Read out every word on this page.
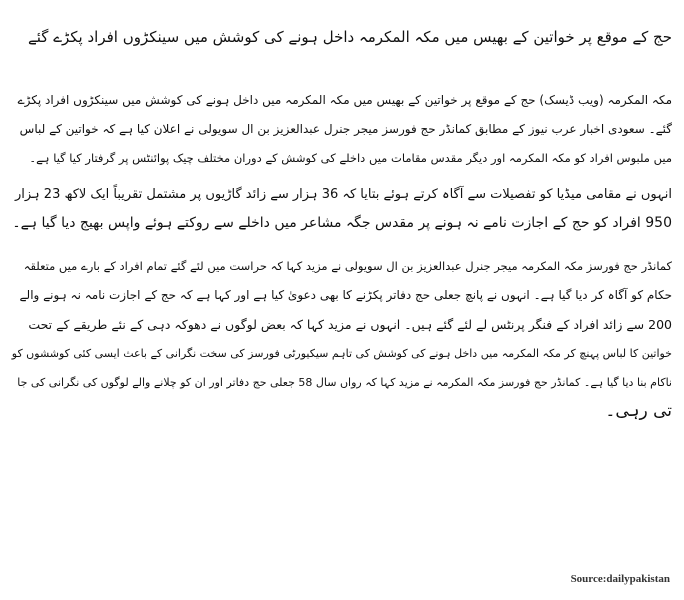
حج کے موقع پر خواتین کے بھیس میں مکہ المکرمہ داخل ہونے کی کوشش میں سینکڑوں افراد پکڑے گئے

مکہ المکرمہ (ویب ڈیسک) حج کے موقع پر خواتین کے بھیس میں مکہ المکرمہ میں داخل ہونے کی کوشش میں سینکڑوں افراد پکڑے
گئے۔ سعودی اخبار عرب نیوز کے مطابق کمانڈر حج فورسز میجر جنرل عبدالعزیز بن ال سویولی نے اعلان کیا ہے کہ خواتین کے لباس
میں ملبوس افراد کو مکہ المکرمہ اور دیگر مقدس مقامات میں داخلے کی کوشش کے دوران مختلف چیک پوائنٹس پر گرفتار کیا گیا ہے۔

انہوں نے مقامی میڈیا کو تفصیلات سے آگاہ کرتے ہوئے بتایا کہ 36 ہزار سے زائد گاڑیوں پر مشتمل تقریباً ایک لاکھ 23 ہزار
950 افراد کو حج کے اجازت نامے نہ ہونے پر مقدس جگہ مشاعر میں داخلے سے روکتے ہوئے واپس بھیج دیا گیا ہے۔

کمانڈر حج فورسز مکہ المکرمہ میجر جنرل عبدالعزیز بن ال سویولی نے مزید کہا کہ حراست میں لئے گئے تمام افراد کے بارے میں متعلقہ
حکام کو آگاہ کر دیا گیا ہے۔ انہوں نے پانچ جعلی حج دفاتر پکڑنے کا بھی دعویٰ کیا ہے اور کہا ہے کہ حج کے اجازت نامہ نہ ہونے والے
200 سے زائد افراد کے فنگر پرنٹس لے لئے گئے ہیں۔ انہوں نے مزید کہا کہ بعض لوگوں نے دھوکہ دہی کے نئے طریقے کے تحت
خواتین کا لباس پہنچ کر مکہ المکرمہ میں داخل ہونے کی کوشش کی تاہم سیکیورٹی فورسز کی سخت نگرانی کے باعث ایسی کئی کوششوں کو
ناکام بنا دیا گیا ہے۔ کمانڈر حج فورسز مکہ المکرمہ نے مزید کہا کہ رواں سال 58 جعلی حج دفاتر اور ان کو چلانے والے لوگوں کی نگرانی کی جا
تی رہی۔

Source:dailypakistan
